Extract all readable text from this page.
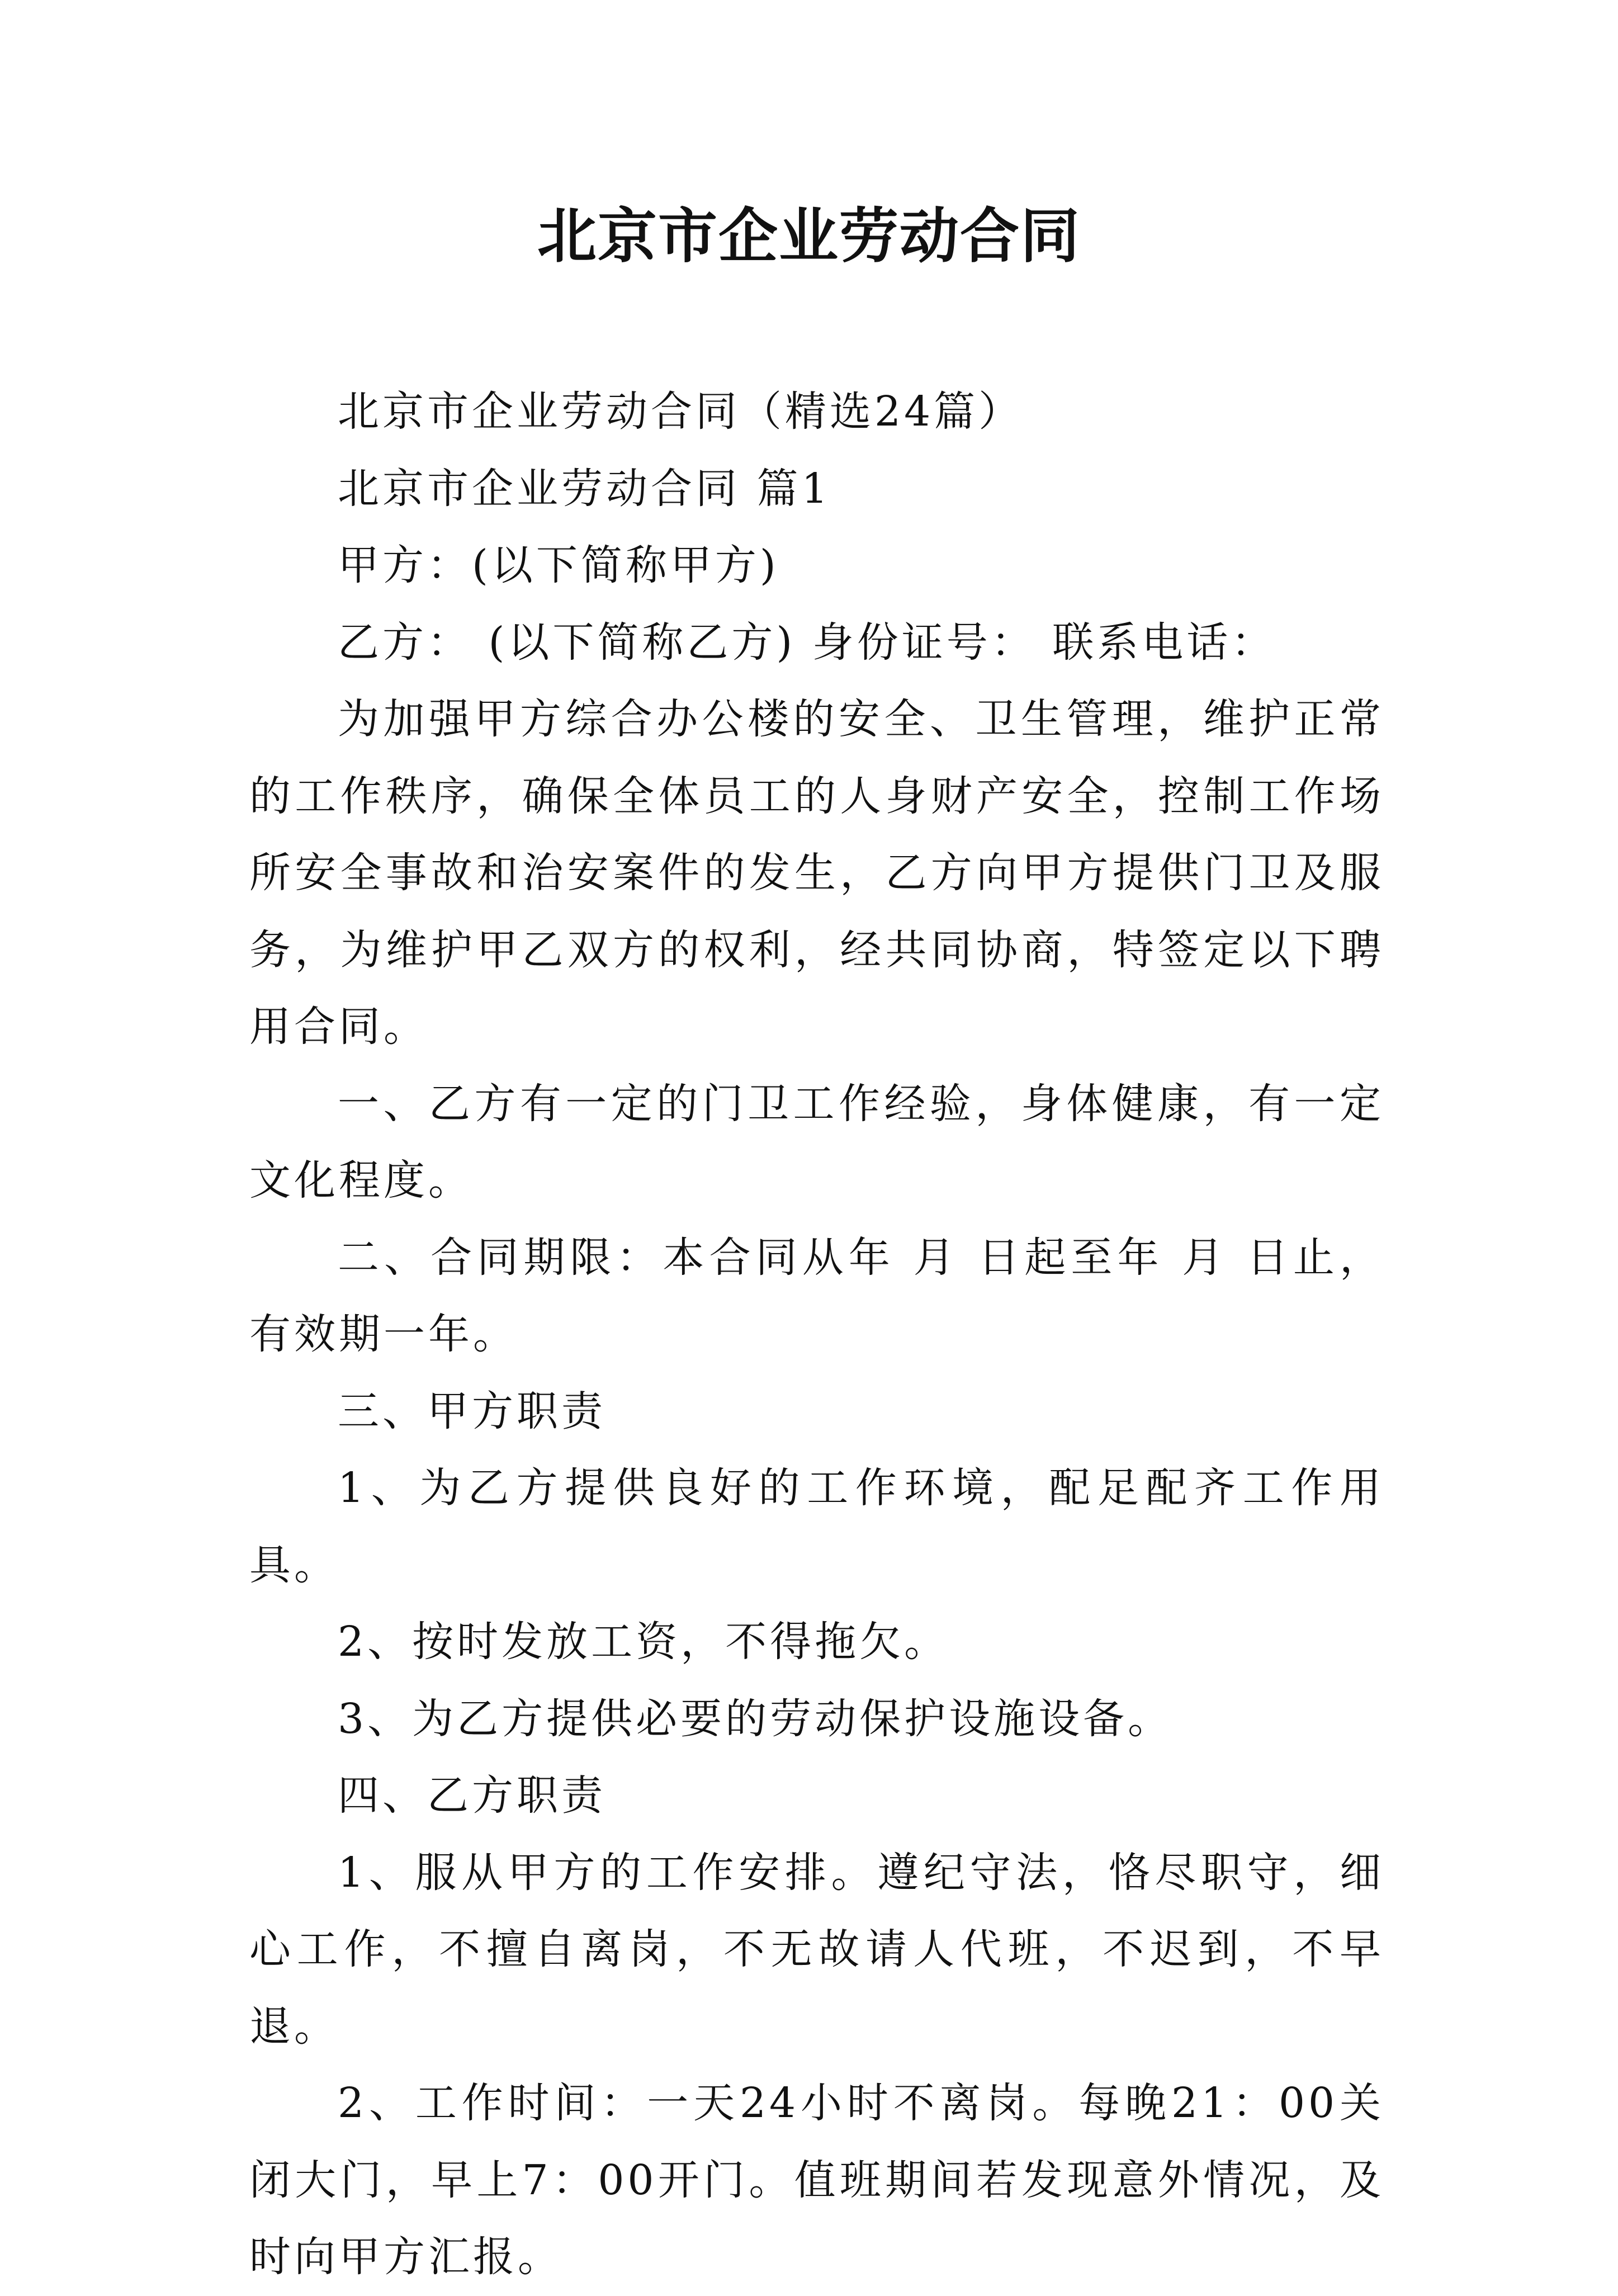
北京市企业劳动合同

北京市企业劳动合同（精选24篇）

北京市企业劳动合同 篇1

甲方：(以下简称甲方)

乙方： (以下简称乙方) 身份证号： 联系电话：

为加强甲方综合办公楼的安全、卫生管理，维护正常的工作秩序，确保全体员工的人身财产安全，控制工作场所安全事故和治安案件的发生，乙方向甲方提供门卫及服务，为维护甲乙双方的权利，经共同协商，特签定以下聘用合同。

一、乙方有一定的门卫工作经验，身体健康，有一定文化程度。

二、合同期限：本合同从年 月 日起至年 月 日止，有效期一年。

三、甲方职责

1、为乙方提供良好的工作环境，配足配齐工作用具。

2、按时发放工资，不得拖欠。

3、为乙方提供必要的劳动保护设施设备。

四、乙方职责

1、服从甲方的工作安排。遵纪守法，恪尽职守，细心工作，不擅自离岗，不无故请人代班，不迟到，不早退。

2、工作时间：一天24小时不离岗。每晚21：00关闭大门，早上7：00开门。值班期间若发现意外情况，及时向甲方汇报。
